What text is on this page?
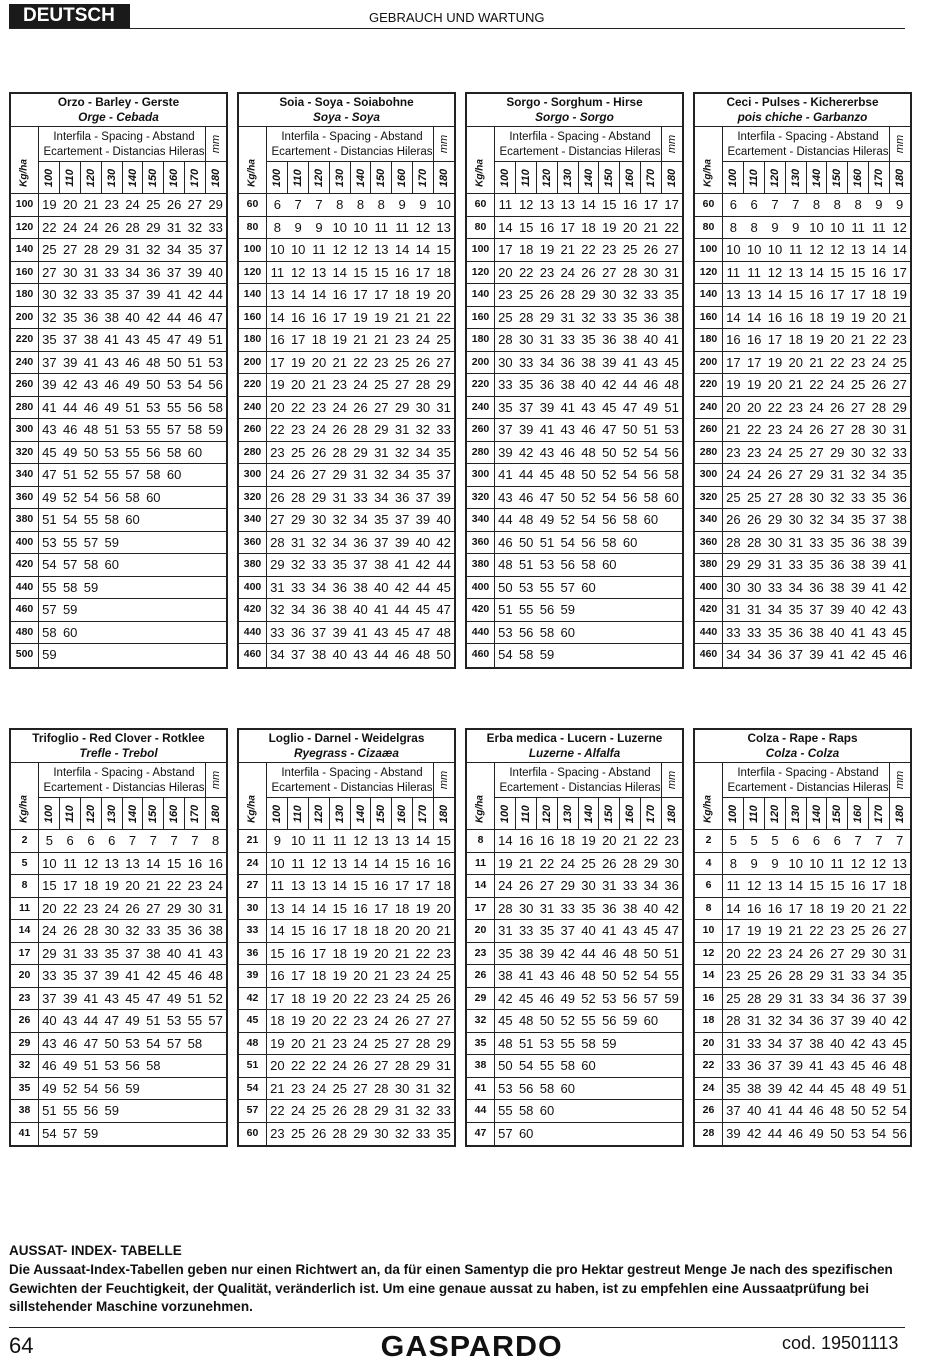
DEUTSCH	GEBRAUCH UND WARTUNG
Orzo - Barley - Gerste
Orge - Cebada
Kg/ha
Interfila - Spacing - Abstand
Ecartement - Distancias Hileras mm
100 110 120 130 140 150 160 170 180
100 19 20 21 23 24 25 26 27 29
120 22 24 24 26 28 29 31 32 33
140 25 27 28 29 31 32 34 35 37
160 27 30 31 33 34 36 37 39 40
180 30 32 33 35 37 39 41 42 44
200 32 35 36 38 40 42 44 46 47
220 35 37 38 41 43 45 47 49 51
240 37 39 41 43 46 48 50 51 53
260 39 42 43 46 49 50 53 54 56
280 41 44 46 49 51 53 55 56 58
300 43 46 48 51 53 55 57 58 59
320 45 49 50 53 55 56 58 60
340 47 51 52 55 57 58 60
360 49 52 54 56 58 60
380 51 54 55 58 60
400 53 55 57 59
420 54 57 58 60
440 55 58 59
460 57 59
480 58 60
500 59
Soia - Soya - Soiabohne
Soya - Soya
Kg/ha
Interfila - Spacing - Abstand
Ecartement - Distancias Hileras mm
100 110 120 130 140 150 160 170 180
60	6	7	7	8	8	8	9	9 10
80	8	9	9 10 10 11 11 12 13
100 10 10 11 12 12 13 14 14 15
120 11 12 13 14 15 15 16 17 18
140 13 14 14 16 17 17 18 19 20
160 14 16 16 17 19 19 21 21 22
180 16 17 18 19 21 21 23 24 25
200 17 19 20 21 22 23 25 26 27
220 19 20 21 23 24 25 27 28 29
240 20 22 23 24 26 27 29 30 31
260 22 23 24 26 28 29 31 32 33
280 23 25 26 28 29 31 32 34 35
300 24 26 27 29 31 32 34 35 37
320 26 28 29 31 33 34 36 37 39
340 27 29 30 32 34 35 37 39 40
360 28 31 32 34 36 37 39 40 42
380 29 32 33 35 37 38 41 42 44
400 31 33 34 36 38 40 42 44 45
420 32 34 36 38 40 41 44 45 47
440 33 36 37 39 41 43 45 47 48
460 34 37 38 40 43 44 46 48 50
Sorgo - Sorghum - Hirse
Sorgo - Sorgo
Kg/ha
Interfila - Spacing - Abstand
Ecartement - Distancias Hileras mm
100 110 120 130 140 150 160 170 180
60 11 12 13 13 14 15 16 17 17
80 14 15 16 17 18 19 20 21 22
100 17 18 19 21 22 23 25 26 27
120 20 22 23 24 26 27 28 30 31
140 23 25 26 28 29 30 32 33 35
160 25 28 29 31 32 33 35 36 38
180 28 30 31 33 35 36 38 40 41
200 30 33 34 36 38 39 41 43 45
220 33 35 36 38 40 42 44 46 48
240 35 37 39 41 43 45 47 49 51
260 37 39 41 43 46 47 50 51 53
280 39 42 43 46 48 50 52 54 56
300 41 44 45 48 50 52 54 56 58
320 43 46 47 50 52 54 56 58 60
340 44 48 49 52 54 56 58 60
360 46 50 51 54 56 58 60
380 48 51 53 56 58 60
400 50 53 55 57 60
420 51 55 56 59
440 53 56 58 60
460 54 58 59
Ceci - Pulses - Kichererbse
pois chiche - Garbanzo
Kg/ha
Interfila - Spacing - Abstand
Ecartement - Distancias Hileras mm
100 110 120 130 140 150 160 170 180
60	6	6	7	7	8	8	8	9	9
80	8	8	9	9 10 10 11 11 12
100 10 10 10 11 12 12 13 14 14
120 11 11 12 13 14 15 15 16 17
140 13 13 14 15 16 17 17 18 19
160 14 14 16 16 18 19 19 20 21
180 16 16 17 18 19 20 21 22 23
200 17 17 19 20 21 22 23 24 25
220 19 19 20 21 22 24 25 26 27
240 20 20 22 23 24 26 27 28 29
260 21 22 23 24 26 27 28 30 31
280 23 23 24 25 27 29 30 32 33
300 24 24 26 27 29 31 32 34 35
320 25 25 27 28 30 32 33 35 36
340 26 26 29 30 32 34 35 37 38
360 28 28 30 31 33 35 36 38 39
380 29 29 31 33 35 36 38 39 41
400 30 30 33 34 36 38 39 41 42
420 31 31 34 35 37 39 40 42 43
440 33 33 35 36 38 40 41 43 45
460 34 34 36 37 39 41 42 45 46
Trifoglio - Red Clover - Rotklee
Trefle - Trebol
Kg/ha
Interfila - Spacing - Abstand
Ecartement - Distancias Hileras mm
100 110 120 130 140 150 160 170 180
2	5	6	6	6	7	7	7	7	8
5	10 11 12 13 13 14 15 16 16
8	15 17 18 19 20 21 22 23 24
11 20 22 23 24 26 27 29 30 31
14 24 26 28 30 32 33 35 36 38
17 29 31 33 35 37 38 40 41 43
20 33 35 37 39 41 42 45 46 48
23 37 39 41 43 45 47 49 51 52
26 40 43 44 47 49 51 53 55 57
29 43 46 47 50 53 54 57 58
32 46 49 51 53 56 58
35 49 52 54 56 59
38 51 55 56 59
41 54 57 59
Loglio - Darnel - Weidelgras
Ryegrass - Cizaæa
Kg/ha
Interfila - Spacing - Abstand
Ecartement - Distancias Hileras mm
100 110 120 130 140 150 160 170 180
21	9 10 11 11 12 13 13 14 15
24 10 11 12 13 14 14 15 16 16
27 11 13 13 14 15 16 17 17 18
30 13 14 14 15 16 17 18 19 20
33 14 15 16 17 18 18 20 20 21
36 15 16 17 18 19 20 21 22 23
39 16 17 18 19 20 21 23 24 25
42 17 18 19 20 22 23 24 25 26
45 18 19 20 22 23 24 26 27 27
48 19 20 21 23 24 25 27 28 29
51 20 22 22 24 26 27 28 29 31
54 21 23 24 25 27 28 30 31 32
57 22 24 25 26 28 29 31 32 33
60 23 25 26 28 29 30 32 33 35
Erba medica - Lucern - Luzerne
Luzerne - Alfalfa
Kg/ha
Interfila - Spacing - Abstand
Ecartement - Distancias Hileras mm
100 110 120 130 140 150 160 170 180
8	14 16 16 18 19 20 21 22 23
11 19 21 22 24 25 26 28 29 30
14 24 26 27 29 30 31 33 34 36
17 28 30 31 33 35 36 38 40 42
20 31 33 35 37 40 41 43 45 47
23 35 38 39 42 44 46 48 50 51
26 38 41 43 46 48 50 52 54 55
29 42 45 46 49 52 53 56 57 59
32 45 48 50 52 55 56 59 60
35 48 51 53 55 58 59
38 50 54 55 58 60
41 53 56 58 60
44 55 58 60
47 57 60
Colza - Rape - Raps
Colza - Colza
Kg/ha
Interfila - Spacing - Abstand
Ecartement - Distancias Hileras mm
100 110 120 130 140 150 160 170 180
2	5	5	5	6	6	6	7	7	7
4	8	9	9 10 10 11 12 12 13
6	11 12 13 14 15 15 16 17 18
8	14 16 16 17 18 19 20 21 22
10 17 19 19 21 22 23 25 26 27
12 20 22 23 24 26 27 29 30 31
14 23 25 26 28 29 31 33 34 35
16 25 28 29 31 33 34 36 37 39
18 28 31 32 34 36 37 39 40 42
20 31 33 34 37 38 40 42 43 45
22 33 36 37 39 41 43 45 46 48
24 35 38 39 42 44 45 48 49 51
26 37 40 41 44 46 48 50 52 54
28 39 42 44 46 49 50 53 54 56
AUSSAT- INDEX- TABELLE
Die Aussaat-Index-Tabellen geben nur einen Richtwert an, da für einen Samentyp die pro Hektar gestreut Menge Je nach des spezifischen Gewichten der Feuchtigkeit, der Qualität, veränderlich ist. Um eine genaue aussat zu haben, ist zu empfehlen eine Aussaatprüfung bei sillstehender Maschine vorzunehmen.
64	GASPARDO	cod. 19501113
